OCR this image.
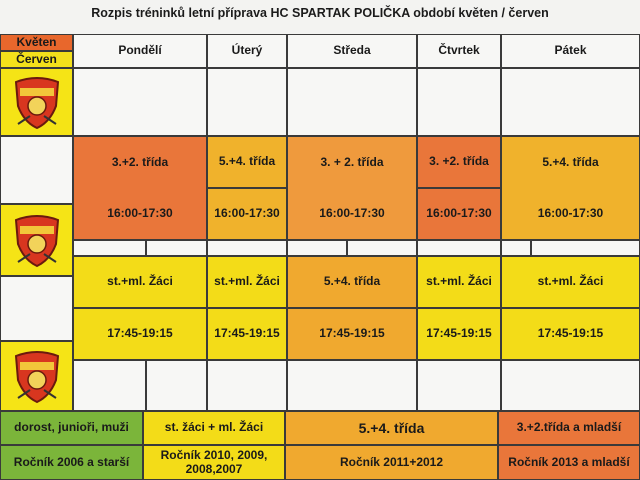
Rozpis tréninků letní příprava HC SPARTAK POLIČKA období květen / červen
Květen
Červen
Pondělí	Úterý	Středa	Čtvrtek	Pátek
3.+2. třída	5.+4. třída	3. + 2. třída	3. +2. třída	5.+4. třída
16:00-17:30	16:00-17:30	16:00-17:30	16:00-17:30	16:00-17:30
st.+ml. Žáci	st.+ml. Žáci	5.+4. třída	st.+ml. Žáci	st.+ml. Žáci
17:45-19:15	17:45-19:15	17:45-19:15	17:45-19:15	17:45-19:15
dorost, junioři, muži	st. žáci + ml. Žáci	5.+4. třída	3.+2.třída a mladší
Ročník 2006 a starší	Ročník 2010, 2009, 2008,2007	Ročník 2011+2012	Ročník 2013 a mladší
